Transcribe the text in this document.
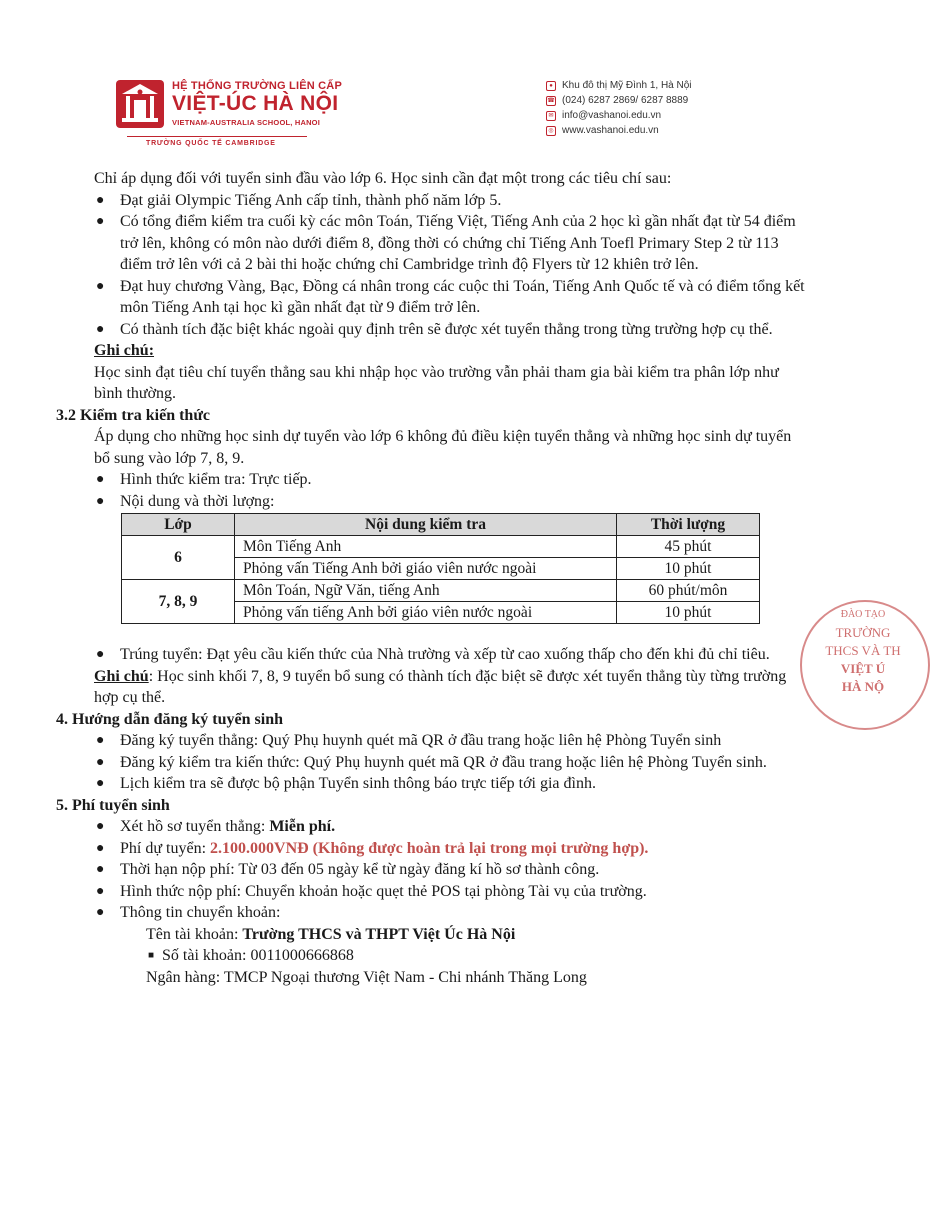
HỆ THỐNG TRƯỜNG LIÊN CẤP
VIỆT-ÚC HÀ NỘI
VIETNAM-AUSTRALIA SCHOOL, HANOI
TRƯỜNG QUỐC TẾ CAMBRIDGE
● Khu đô thị Mỹ Đình 1, Hà Nội
☎ (024) 6287 2869/ 6287 8889
✉ info@vashanoi.edu.vn
◎ www.vashanoi.edu.vn
Chỉ áp dụng đối với tuyển sinh đầu vào lớp 6. Học sinh cần đạt một trong các tiêu chí sau:
● Đạt giải Olympic Tiếng Anh cấp tỉnh, thành phố năm lớp 5.
● Có tổng điểm kiểm tra cuối kỳ các môn Toán, Tiếng Việt, Tiếng Anh của 2 học kì gần nhất đạt từ 54 điểm trở lên, không có môn nào dưới điểm 8, đồng thời có chứng chỉ Tiếng Anh Toefl Primary Step 2 từ 113 điểm trở lên với cả 2 bài thi hoặc chứng chỉ Cambridge trình độ Flyers từ 12 khiên trở lên.
● Đạt huy chương Vàng, Bạc, Đồng cá nhân trong các cuộc thi Toán, Tiếng Anh Quốc tế và có điểm tổng kết môn Tiếng Anh tại học kì gần nhất đạt từ 9 điểm trở lên.
● Có thành tích đặc biệt khác ngoài quy định trên sẽ được xét tuyển thẳng trong từng trường hợp cụ thể.
Ghi chú:
Học sinh đạt tiêu chí tuyển thẳng sau khi nhập học vào trường vẫn phải tham gia bài kiểm tra phân lớp như bình thường.
3.2 Kiểm tra kiến thức
Áp dụng cho những học sinh dự tuyển vào lớp 6 không đủ điều kiện tuyển thẳng và những học sinh dự tuyển bổ sung vào lớp 7, 8, 9.
● Hình thức kiểm tra: Trực tiếp.
● Nội dung và thời lượng:
Lớp	Nội dung kiểm tra	Thời lượng
6	Môn Tiếng Anh	45 phút
	Phỏng vấn Tiếng Anh bởi giáo viên nước ngoài	10 phút
7, 8, 9	Môn Toán, Ngữ Văn, tiếng Anh	60 phút/môn
	Phỏng vấn tiếng Anh bởi giáo viên nước ngoài	10 phút
● Trúng tuyển: Đạt yêu cầu kiến thức của Nhà trường và xếp từ cao xuống thấp cho đến khi đủ chỉ tiêu.
Ghi chú: Học sinh khối 7, 8, 9 tuyển bổ sung có thành tích đặc biệt sẽ được xét tuyển thẳng tùy từng trường hợp cụ thể.
4. Hướng dẫn đăng ký tuyển sinh
● Đăng ký tuyển thẳng: Quý Phụ huynh quét mã QR ở đầu trang hoặc liên hệ Phòng Tuyển sinh
● Đăng ký kiểm tra kiến thức: Quý Phụ huynh quét mã QR ở đầu trang hoặc liên hệ Phòng Tuyển sinh.
● Lịch kiểm tra sẽ được bộ phận Tuyển sinh thông báo trực tiếp tới gia đình.
5. Phí tuyển sinh
● Xét hồ sơ tuyển thẳng: Miễn phí.
● Phí dự tuyển: 2.100.000VNĐ (Không được hoàn trả lại trong mọi trường hợp).
● Thời hạn nộp phí: Từ 03 đến 05 ngày kể từ ngày đăng kí hồ sơ thành công.
● Hình thức nộp phí: Chuyển khoản hoặc quẹt thẻ POS tại phòng Tài vụ của trường.
● Thông tin chuyển khoản:
Tên tài khoản: Trường THCS và THPT Việt Úc Hà Nội
■ Số tài khoản: 0011000666868
Ngân hàng: TMCP Ngoại thương Việt Nam - Chi nhánh Thăng Long
ĐÀO TẠO
TRƯỜNG
THCS VÀ TH
VIỆT Ú
HÀ NỘ
